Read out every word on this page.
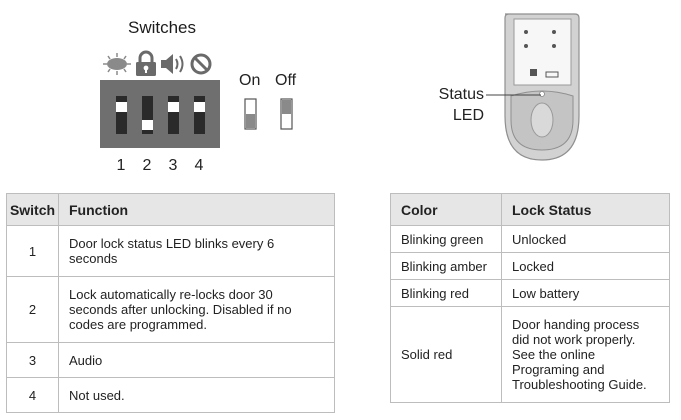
Switches
1	2	3	4
On Off
Status
LED
Switch	Function
1	Door lock status LED blinks every 6 seconds
2	Lock automatically re-locks door 30 seconds after unlocking. Disabled if no codes are programmed.
3	Audio
4	Not used.
Color	Lock Status
Blinking green	Unlocked
Blinking amber	Locked
Blinking red	Low battery
Solid red	Door handing process did not work properly. See the online Programing and Troubleshooting Guide.
